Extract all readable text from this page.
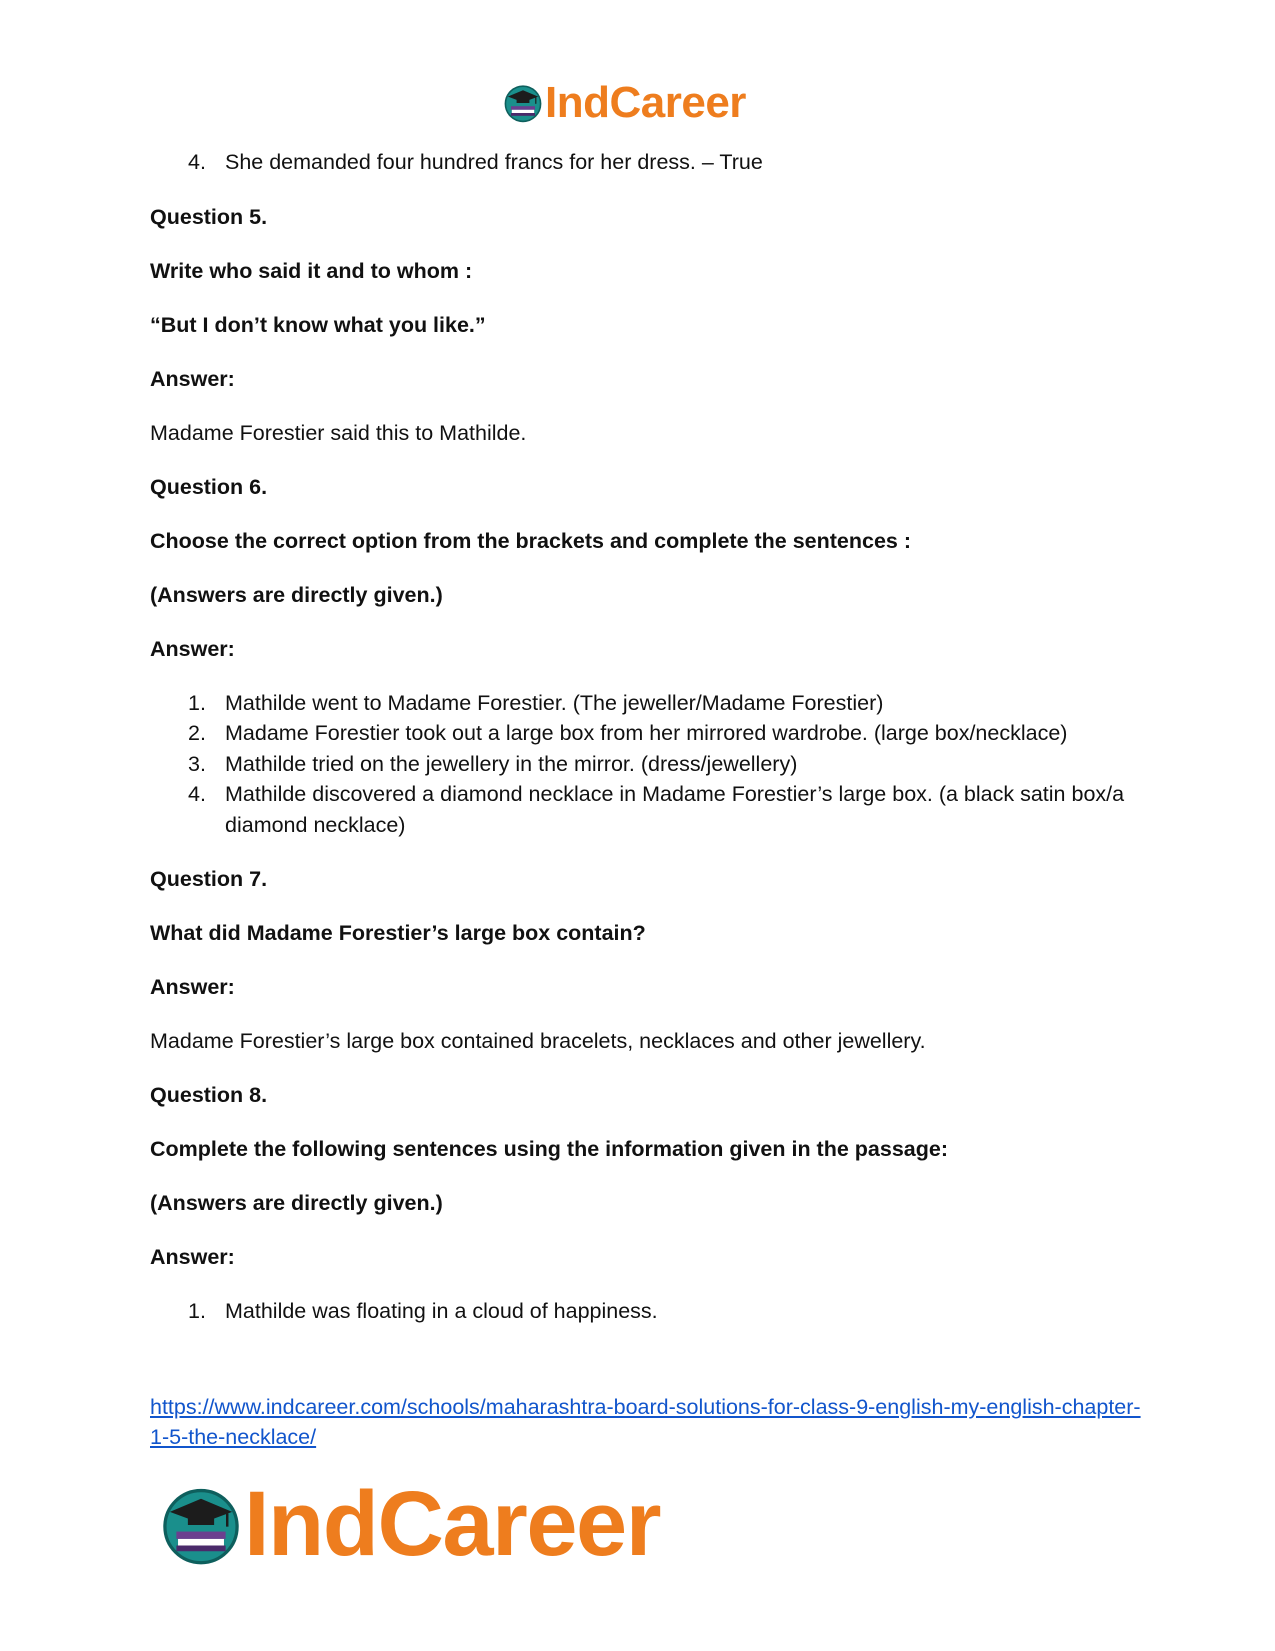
IndCareer
4. She demanded four hundred francs for her dress. – True

Question 5.

Write who said it and to whom :

“But I don’t know what you like.”

Answer:

Madame Forestier said this to Mathilde.

Question 6.

Choose the correct option from the brackets and complete the sentences :

(Answers are directly given.)

Answer:

1. Mathilde went to Madame Forestier. (The jeweller/Madame Forestier)
2. Madame Forestier took out a large box from her mirrored wardrobe. (large box/necklace)
3. Mathilde tried on the jewellery in the mirror. (dress/jewellery)
4. Mathilde discovered a diamond necklace in Madame Forestier’s large box. (a black satin box/a diamond necklace)

Question 7.

What did Madame Forestier’s large box contain?

Answer:

Madame Forestier’s large box contained bracelets, necklaces and other jewellery.

Question 8.

Complete the following sentences using the information given in the passage:

(Answers are directly given.)

Answer:

1. Mathilde was floating in a cloud of happiness.
https://www.indcareer.com/schools/maharashtra-board-solutions-for-class-9-english-my-english-chapter-1-5-the-necklace/
IndCareer
